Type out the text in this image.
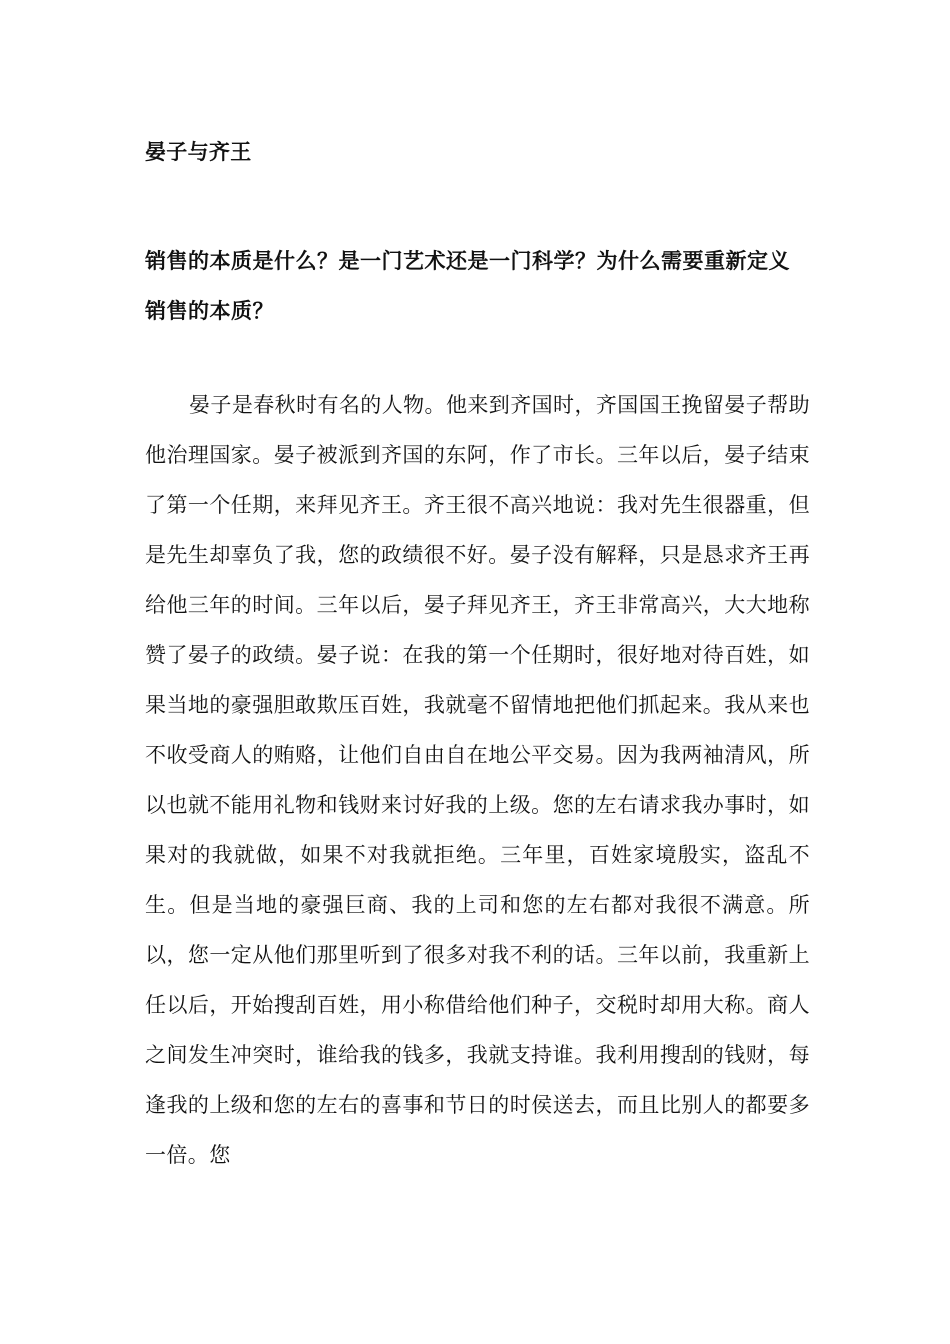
晏子与齐王
销售的本质是什么？是一门艺术还是一门科学？为什么需要重新定义销售的本质？
晏子是春秋时有名的人物。他来到齐国时，齐国国王挽留晏子帮助他治理国家。晏子被派到齐国的东阿，作了市长。三年以后，晏子结束了第一个任期，来拜见齐王。齐王很不高兴地说：我对先生很器重，但是先生却辜负了我，您的政绩很不好。晏子没有解释，只是恳求齐王再给他三年的时间。三年以后，晏子拜见齐王，齐王非常高兴，大大地称赞了晏子的政绩。晏子说：在我的第一个任期时，很好地对待百姓，如果当地的豪强胆敢欺压百姓，我就毫不留情地把他们抓起来。我从来也不收受商人的贿赂，让他们自由自在地公平交易。因为我两袖清风，所以也就不能用礼物和钱财来讨好我的上级。您的左右请求我办事时，如果对的我就做，如果不对我就拒绝。三年里，百姓家境殷实，盗乱不生。但是当地的豪强巨商、我的上司和您的左右都对我很不满意。所以，您一定从他们那里听到了很多对我不利的话。三年以前，我重新上任以后，开始搜刮百姓，用小称借给他们种子，交税时却用大称。商人之间发生冲突时，谁给我的钱多，我就支持谁。我利用搜刮的钱财，每逢我的上级和您的左右的喜事和节日的时侯送去，而且比别人的都要多一倍。您
